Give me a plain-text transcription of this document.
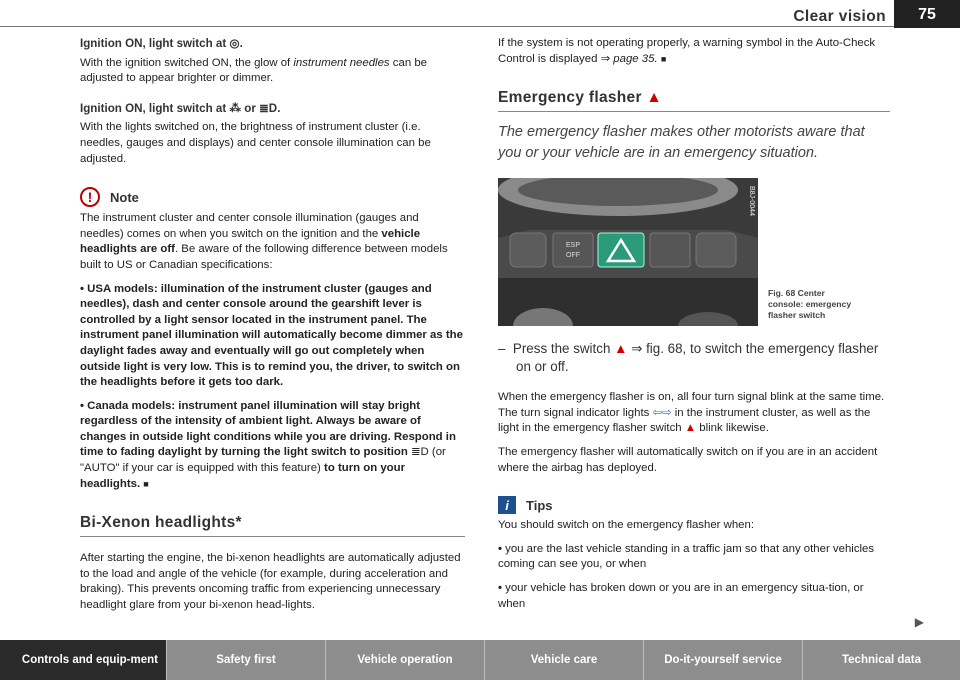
Clear vision	75

Ignition ON, light switch at ◎.

With the ignition switched ON, the glow of instrument needles can be adjusted to appear brighter or dimmer.

Ignition ON, light switch at ⁂ or ≣D.

With the lights switched on, the brightness of instrument cluster (i.e. needles, gauges and displays) and center console illumination can be adjusted.

!	Note

The instrument cluster and center console illumination (gauges and needles) comes on when you switch on the ignition and the vehicle headlights are off. Be aware of the following difference between models built to US or Canadian specifications:

• USA models: illumination of the instrument cluster (gauges and needles), dash and center console around the gearshift lever is controlled by a light sensor located in the instrument panel. The instrument panel illumination will automatically become dimmer as the daylight fades away and eventually will go out completely when outside light is very low. This is to remind you, the driver, to switch on the headlights before it gets too dark.

• Canada models: instrument panel illumination will stay bright regardless of the intensity of ambient light. Always be aware of changes in outside light conditions while you are driving. Respond in time to fading daylight by turning the light switch to position ≣D (or "AUTO" if your car is equipped with this feature) to turn on your headlights. ■

Bi-Xenon headlights*

After starting the engine, the bi-xenon headlights are automatically adjusted to the load and angle of the vehicle (for example, during acceleration and braking). This prevents oncoming traffic from experiencing unnecessary headlight glare from your bi-xenon head-lights.

If the system is not operating properly, a warning symbol in the Auto-Check Control is displayed ⇒ page 35. ■

Emergency flasher ▲

The emergency flasher makes other motorists aware that you or your vehicle are in an emergency situation.

ESP
OFF
B8J-0044
Fig. 68 Center
console: emergency
flasher switch

– Press the switch ▲ ⇒ fig. 68, to switch the emergency flasher on or off.

When the emergency flasher is on, all four turn signal blink at the same time. The turn signal indicator lights ⇦⇨ in the instrument cluster, as well as the light in the emergency flasher switch ▲ blink likewise.

The emergency flasher will automatically switch on if you are in an accident where the airbag has deployed.

i	Tips

You should switch on the emergency flasher when:

• you are the last vehicle standing in a traffic jam so that any other vehicles coming can see you, or when

• your vehicle has broken down or you are in an emergency situa-tion, or when

▶
Controls and equip-ment	Safety first	Vehicle operation	Vehicle care	Do-it-yourself service	Technical data
